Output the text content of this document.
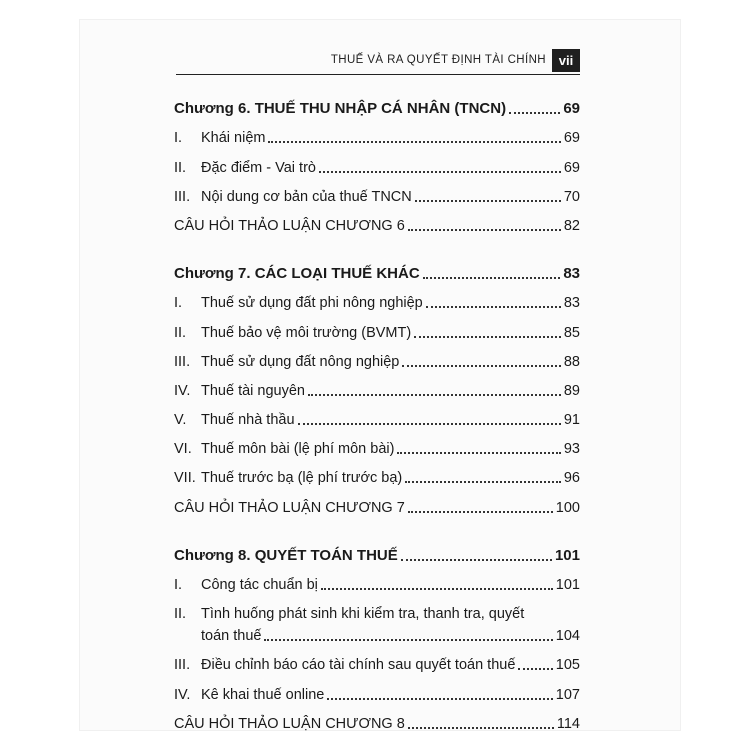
THUẾ VÀ RA QUYẾT ĐỊNH TÀI CHÍNH vii
Chương 6. THUẾ THU NHẬP CÁ NHÂN (TNCN)	69
I.	Khái niệm	69
II.	Đặc điểm - Vai trò	69
III. Nội dung cơ bản của thuế TNCN	70
CÂU HỎI THẢO LUẬN CHƯƠNG 6	82
Chương 7. CÁC LOẠI THUẾ KHÁC	83
I.	Thuế sử dụng đất phi nông nghiệp	83
II.	Thuế bảo vệ môi trường (BVMT)	85
III. Thuế sử dụng đất nông nghiệp	88
IV. Thuế tài nguyên	89
V.	Thuế nhà thầu	91
VI. Thuế môn bài (lệ phí môn bài)	93
VII. Thuế trước bạ (lệ phí trước bạ)	96
CÂU HỎI THẢO LUẬN CHƯƠNG 7	100
Chương 8. QUYẾT TOÁN THUẾ	101
I.	Công tác chuẩn bị	101
II.	Tình huống phát sinh khi kiểm tra, thanh tra, quyết
toán thuế	104
III. Điều chỉnh báo cáo tài chính sau quyết toán thuế	105
IV. Kê khai thuế online	107
CÂU HỎI THẢO LUẬN CHƯƠNG 8	114
